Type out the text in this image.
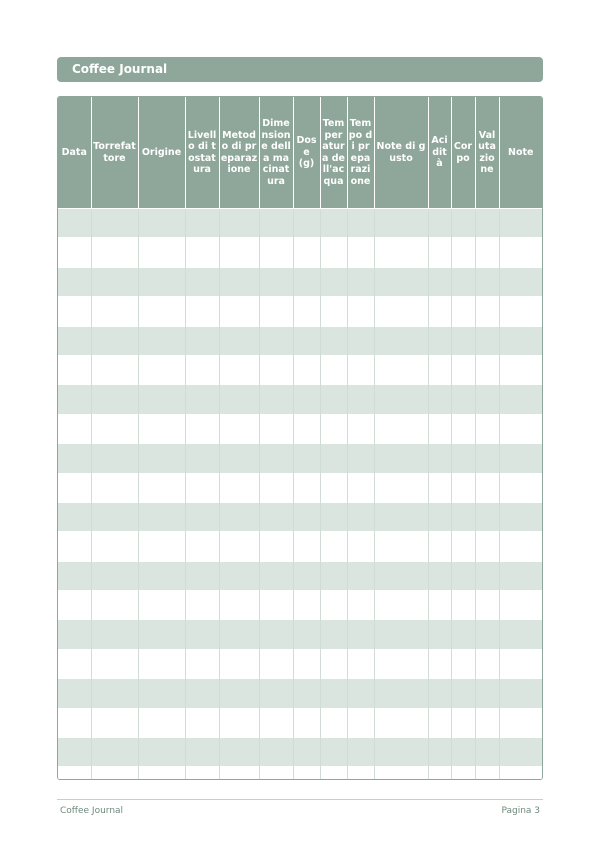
Coffee Journal
Data	Torrefattore	Origine	Livello di tostatura	Metodo di preparazione	Dimensione della macinatura	Dose (g)	Temperatura dell'acqua	Tempo di preparazione	Note di gusto	Acidità	Corpo	Valutazione	Note

Coffee Journal	Pagina 3
